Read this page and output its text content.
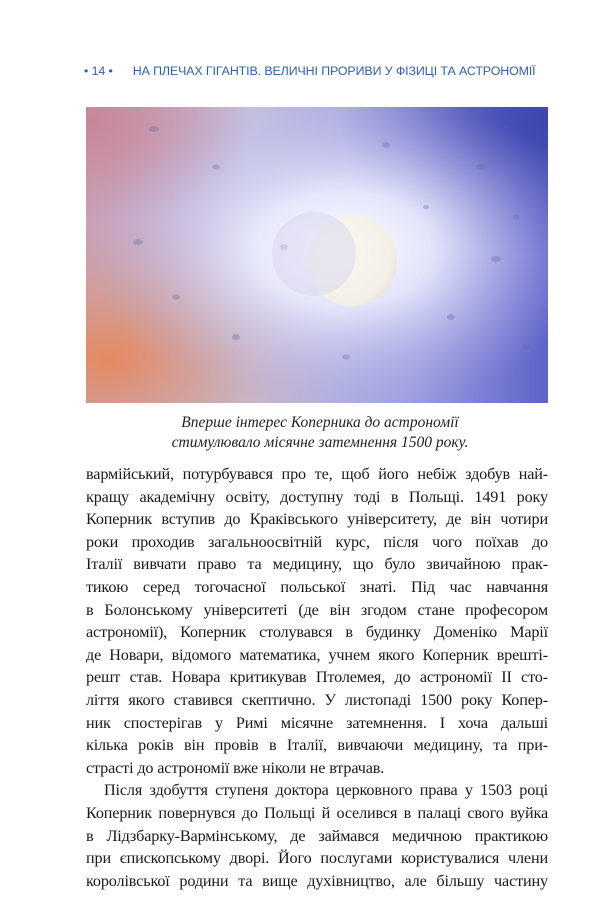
• 14 • НА ПЛЕЧАХ ГІГАНТІВ. ВЕЛИЧНІ ПРОРИВИ У ФІЗИЦІ ТА АСТРОНОМІЇ
Вперше інтерес Коперника до астрономії
стимулювало місячне затемнення 1500 року.
вармійський, потурбувався про те, щоб його небіж здобув най-
кращу академічну освіту, доступну тоді в Польщі. 1491 року
Коперник вступив до Краківського університету, де він чотири
роки проходив загальноосвітній курс, після чого поїхав до
Італії вивчати право та медицину, що було звичайною прак-
тикою серед тогочасної польської знаті. Під час навчання
в Болонському університеті (де він згодом стане професором
астрономії), Коперник столувався в будинку Доменіко Марії
де Новари, відомого математика, учнем якого Коперник врешті-
решт став. Новара критикував Птолемея, до астрономії ІІ сто-
ліття якого ставився скептично. У листопаді 1500 року Копер-
ник спостерігав у Римі місячне затемнення. І хоча дальші
кілька років він провів в Італії, вивчаючи медицину, та при-
страсті до астрономії вже ніколи не втрачав.
Після здобуття ступеня доктора церковного права у 1503 році
Коперник повернувся до Польщі й оселився в палаці свого вуйка
в Лідзбарку-Вармінському, де займався медичною практикою
при єпископському дворі. Його послугами користувалися члени
королівської родини та вище духівництво, але більшу частину
